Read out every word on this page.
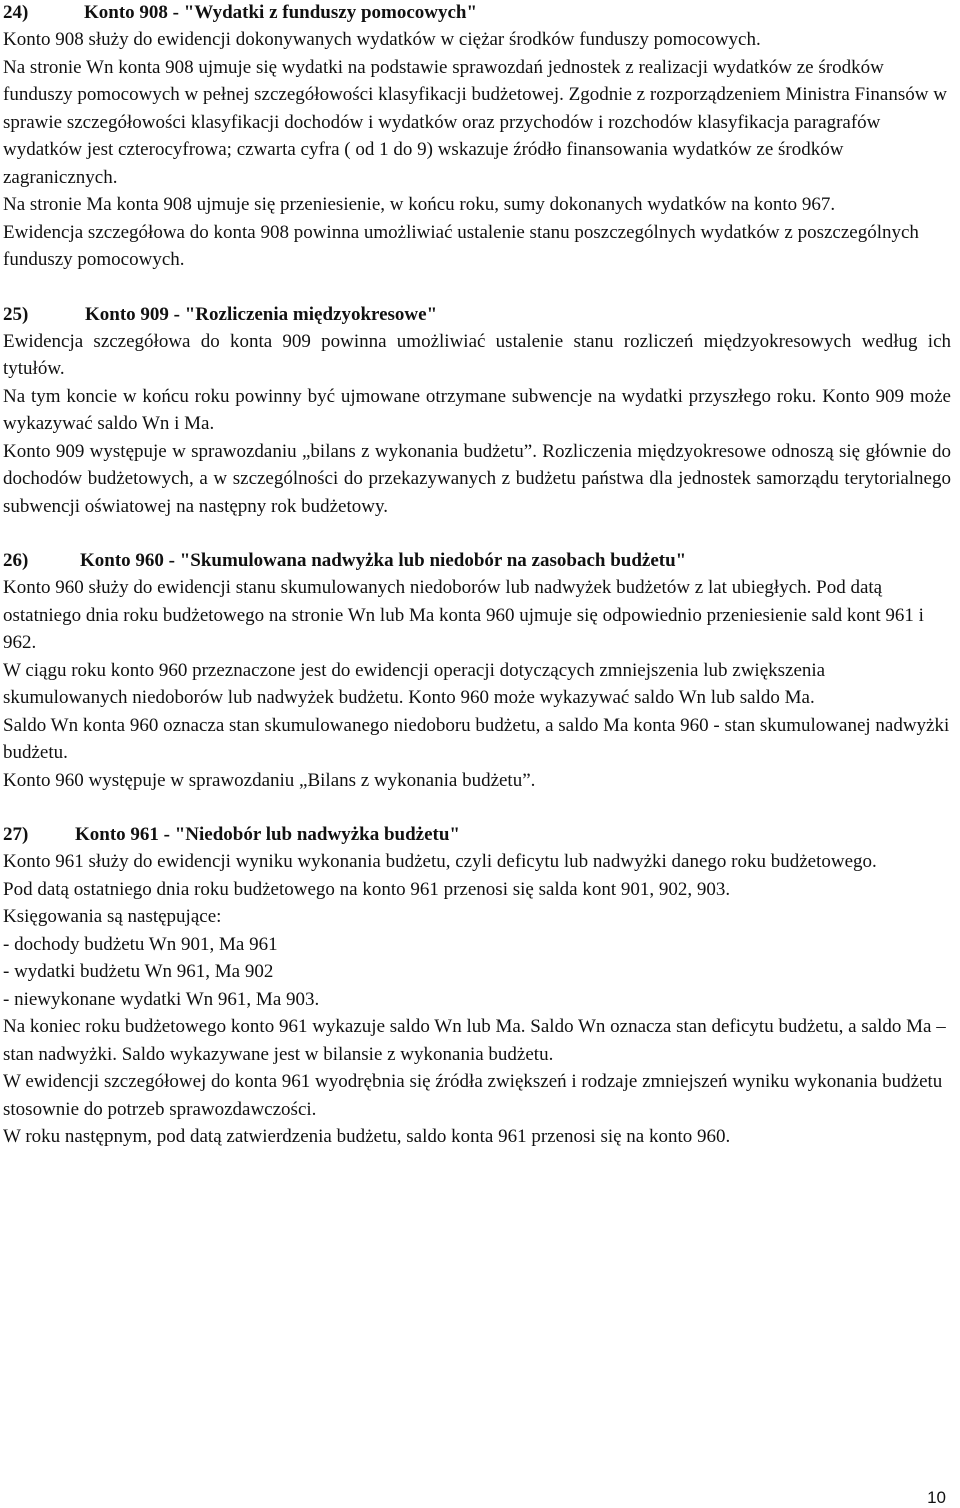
24)	Konto 908 - "Wydatki z funduszy pomocowych"

Konto 908 służy do ewidencji dokonywanych wydatków w ciężar środków funduszy pomocowych.

Na stronie Wn konta 908 ujmuje się wydatki na podstawie sprawozdań jednostek z realizacji wydatków ze środków funduszy pomocowych w pełnej szczegółowości klasyfikacji budżetowej. Zgodnie z rozporządzeniem Ministra Finansów w sprawie szczegółowości klasyfikacji dochodów i wydatków oraz przychodów i rozchodów klasyfikacja paragrafów wydatków jest czterocyfrowa; czwarta cyfra ( od 1 do 9) wskazuje źródło finansowania wydatków ze środków zagranicznych.

Na stronie Ma konta 908 ujmuje się przeniesienie, w końcu roku, sumy dokonanych wydatków na konto 967.

Ewidencja szczegółowa do konta 908 powinna umożliwiać ustalenie stanu poszczególnych wydatków z poszczególnych funduszy pomocowych.

25)	Konto 909 - "Rozliczenia międzyokresowe"

Ewidencja szczegółowa do konta 909 powinna umożliwiać ustalenie stanu rozliczeń międzyokresowych według ich tytułów.

Na tym koncie w końcu roku powinny być ujmowane otrzymane subwencje na wydatki przyszłego roku. Konto 909 może wykazywać saldo Wn i Ma.

Konto 909 występuje w sprawozdaniu „bilans z wykonania budżetu”. Rozliczenia międzyokresowe odnoszą się głównie do dochodów budżetowych, a w szczególności do przekazywanych z budżetu państwa dla jednostek samorządu terytorialnego subwencji oświatowej na następny rok budżetowy.

26)	Konto 960 - "Skumulowana nadwyżka lub niedobór na zasobach budżetu"

Konto 960 służy do ewidencji stanu skumulowanych niedoborów lub nadwyżek budżetów z lat ubiegłych. Pod datą ostatniego dnia roku budżetowego na stronie Wn lub Ma konta 960 ujmuje się odpowiednio przeniesienie sald kont 961 i 962.

W ciągu roku konto 960 przeznaczone jest do ewidencji operacji dotyczących zmniejszenia lub zwiększenia skumulowanych niedoborów lub nadwyżek budżetu. Konto 960 może wykazywać saldo Wn lub saldo Ma.

Saldo Wn konta 960 oznacza stan skumulowanego niedoboru budżetu, a saldo Ma konta 960 - stan skumulowanej nadwyżki budżetu.

Konto 960 występuje w sprawozdaniu „Bilans z wykonania budżetu”.

27) Konto 961 - "Niedobór lub nadwyżka budżetu"

Konto 961 służy do ewidencji wyniku wykonania budżetu, czyli deficytu lub nadwyżki danego roku budżetowego.

Pod datą ostatniego dnia roku budżetowego na konto 961 przenosi się salda kont 901, 902, 903.

Księgowania są następujące:

- dochody budżetu Wn 901, Ma 961

- wydatki budżetu Wn 961, Ma 902

- niewykonane wydatki Wn 961, Ma 903.

Na koniec roku budżetowego konto 961 wykazuje saldo Wn lub Ma. Saldo Wn oznacza stan deficytu budżetu, a saldo Ma – stan nadwyżki. Saldo wykazywane jest w bilansie z wykonania budżetu.

W ewidencji szczegółowej do konta 961 wyodrębnia się źródła zwiększeń i rodzaje zmniejszeń wyniku wykonania budżetu stosownie do potrzeb sprawozdawczości.

W roku następnym, pod datą zatwierdzenia budżetu, saldo konta 961 przenosi się na konto 960.

10
